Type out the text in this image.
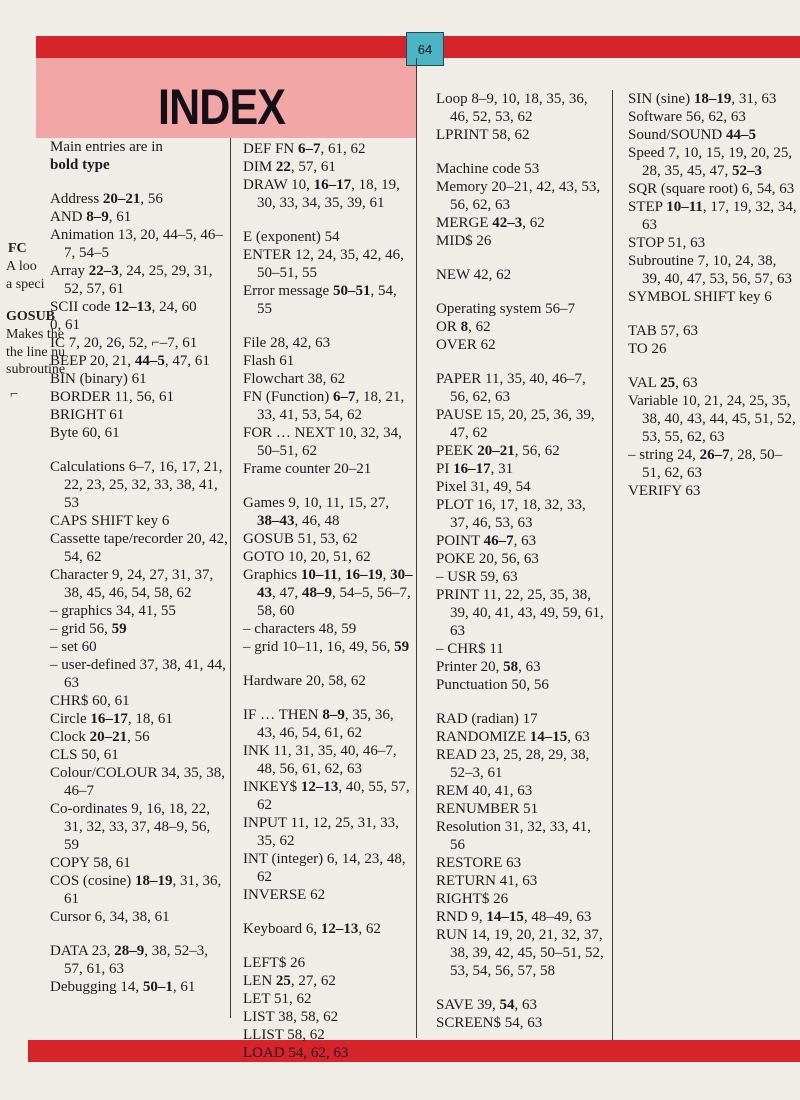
64
INDEX
FC
A loo
a speci
GOSUB
Makes the
the line nu
subroutine
⌐
Main entries are in
bold type
Address 20–21, 56
AND 8–9, 61
Animation 13, 20, 44–5, 46–7, 54–5
Array 22–3, 24, 25, 29, 31, 52, 57, 61
SCII code 12–13, 24, 60
0, 61
IC 7, 20, 26, 52, ⌐–7, 61
BEEP 20, 21, 44–5, 47, 61
BIN (binary) 61
BORDER 11, 56, 61
BRIGHT 61
Byte 60, 61
Calculations 6–7, 16, 17, 21, 22, 23, 25, 32, 33, 38, 41, 53
CAPS SHIFT key 6
Cassette tape/recorder 20, 42, 54, 62
Character 9, 24, 27, 31, 37, 38, 45, 46, 54, 58, 62
– graphics 34, 41, 55
– grid 56, 59
– set 60
– user-defined 37, 38, 41, 44, 63
CHR$ 60, 61
Circle 16–17, 18, 61
Clock 20–21, 56
CLS 50, 61
Colour/COLOUR 34, 35, 38, 46–7
Co-ordinates 9, 16, 18, 22, 31, 32, 33, 37, 48–9, 56, 59
COPY 58, 61
COS (cosine) 18–19, 31, 36, 61
Cursor 6, 34, 38, 61
DATA 23, 28–9, 38, 52–3, 57, 61, 63
Debugging 14, 50–1, 61
DEF FN 6–7, 61, 62
DIM 22, 57, 61
DRAW 10, 16–17, 18, 19, 30, 33, 34, 35, 39, 61
E (exponent) 54
ENTER 12, 24, 35, 42, 46, 50–51, 55
Error message 50–51, 54, 55
File 28, 42, 63
Flash 61
Flowchart 38, 62
FN (Function) 6–7, 18, 21, 33, 41, 53, 54, 62
FOR … NEXT 10, 32, 34, 50–51, 62
Frame counter 20–21
Games 9, 10, 11, 15, 27, 38–43, 46, 48
GOSUB 51, 53, 62
GOTO 10, 20, 51, 62
Graphics 10–11, 16–19, 30–43, 47, 48–9, 54–5, 56–7, 58, 60
– characters 48, 59
– grid 10–11, 16, 49, 56, 59
Hardware 20, 58, 62
IF … THEN 8–9, 35, 36, 43, 46, 54, 61, 62
INK 11, 31, 35, 40, 46–7, 48, 56, 61, 62, 63
INKEY$ 12–13, 40, 55, 57, 62
INPUT 11, 12, 25, 31, 33, 35, 62
INT (integer) 6, 14, 23, 48, 62
INVERSE 62
Keyboard 6, 12–13, 62
LEFT$ 26
LEN 25, 27, 62
LET 51, 62
LIST 38, 58, 62
LLIST 58, 62
LOAD 54, 62, 63
Loop 8–9, 10, 18, 35, 36, 46, 52, 53, 62
LPRINT 58, 62
Machine code 53
Memory 20–21, 42, 43, 53, 56, 62, 63
MERGE 42–3, 62
MID$ 26
NEW 42, 62
Operating system 56–7
OR 8, 62
OVER 62
PAPER 11, 35, 40, 46–7, 56, 62, 63
PAUSE 15, 20, 25, 36, 39, 47, 62
PEEK 20–21, 56, 62
PI 16–17, 31
Pixel 31, 49, 54
PLOT 16, 17, 18, 32, 33, 37, 46, 53, 63
POINT 46–7, 63
POKE 20, 56, 63
– USR 59, 63
PRINT 11, 22, 25, 35, 38, 39, 40, 41, 43, 49, 59, 61, 63
– CHR$ 11
Printer 20, 58, 63
Punctuation 50, 56
RAD (radian) 17
RANDOMIZE 14–15, 63
READ 23, 25, 28, 29, 38, 52–3, 61
REM 40, 41, 63
RENUMBER 51
Resolution 31, 32, 33, 41, 56
RESTORE 63
RETURN 41, 63
RIGHT$ 26
RND 9, 14–15, 48–49, 63
RUN 14, 19, 20, 21, 32, 37, 38, 39, 42, 45, 50–51, 52, 53, 54, 56, 57, 58
SAVE 39, 54, 63
SCREEN$ 54, 63
SIN (sine) 18–19, 31, 63
Software 56, 62, 63
Sound/SOUND 44–5
Speed 7, 10, 15, 19, 20, 25, 28, 35, 45, 47, 52–3
SQR (square root) 6, 54, 63
STEP 10–11, 17, 19, 32, 34, 63
STOP 51, 63
Subroutine 7, 10, 24, 38, 39, 40, 47, 53, 56, 57, 63
SYMBOL SHIFT key 6
TAB 57, 63
TO 26
VAL 25, 63
Variable 10, 21, 24, 25, 35, 38, 40, 43, 44, 45, 51, 52, 53, 55, 62, 63
– string 24, 26–7, 28, 50–51, 62, 63
VERIFY 63
